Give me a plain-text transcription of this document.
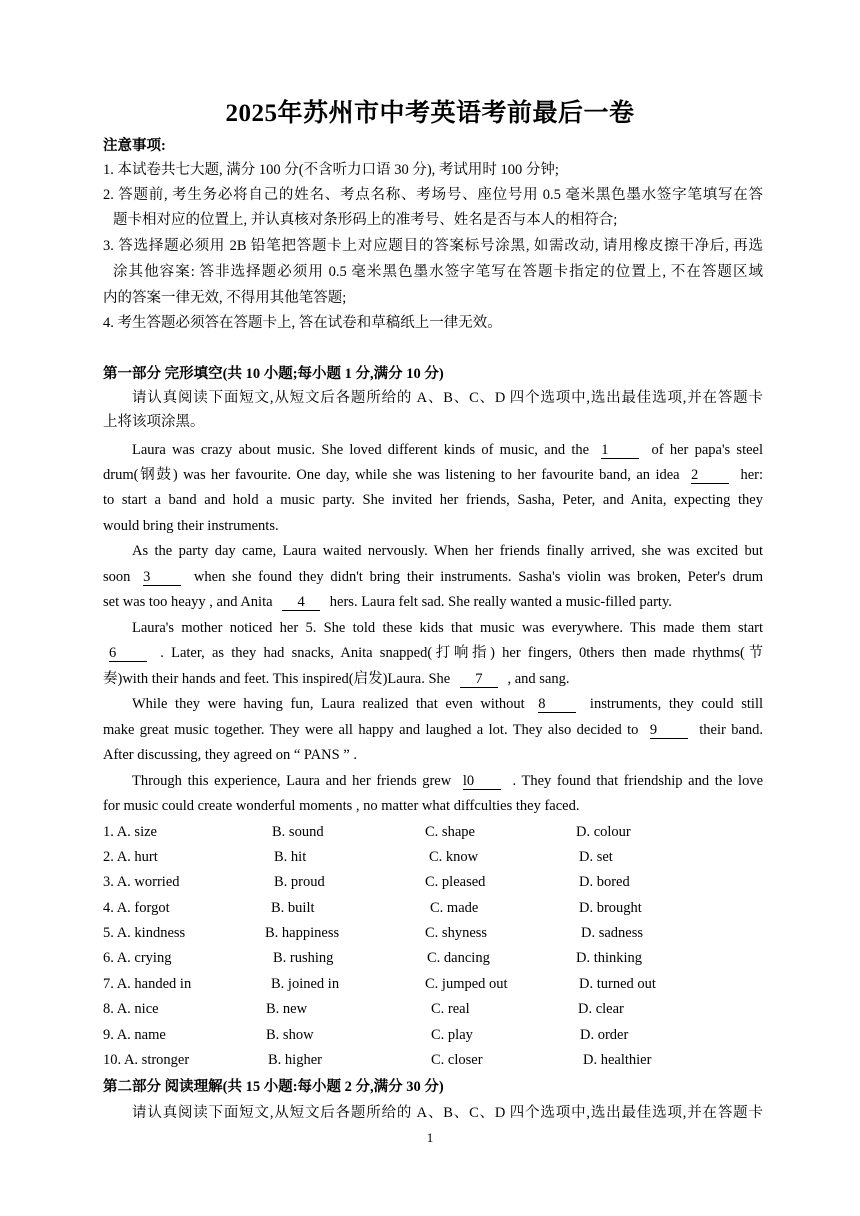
2025年苏州市中考英语考前最后一卷
注意事项:
1. 本试卷共七大题, 满分 100 分(不含听力口语 30 分), 考试用时 100 分钟;
2. 答题前, 考生务必将自己的姓名、考点名称、考场号、座位号用 0.5 毫米黑色墨水签字笔填写在答
题卡相对应的位置上, 并认真核对条形码上的准考号、姓名是否与本人的相符合;
3. 答选择题必须用 2B 铅笔把答题卡上对应题目的答案标号涂黑, 如需改动, 请用橡皮擦干净后, 再选
涂其他容案: 答非选择题必须用 0.5 毫米黑色墨水签字笔写在答题卡指定的位置上, 不在答题区域
内的答案一律无效, 不得用其他笔答题;
4. 考生答题必须答在答题卡上, 答在试卷和草稿纸上一律无效。
第一部分 完形填空(共 10 小题;每小题 1 分,满分 10 分)
请认真阅读下面短文,从短文后各题所给的 A、B、C、D 四个选项中,选出最佳选项,并在答题卡
上将该项涂黑。
Laura was crazy about music. She loved different kinds of music, and the 1	of her papa's steel
drum(钢鼓) was her favourite. One day, while she was listening to her favourite band, an idea 2	her:
to start a band and hold a music party. She invited her friends, Sasha, Peter, and Anita, expecting they
would bring their instruments.
As the party day came, Laura waited nervously. When her friends finally arrived, she was excited but
soon 3	when she found they didn't bring their instruments. Sasha's violin was broken, Peter's drum
set was too heayy , and Anita 4 hers. Laura felt sad. She really wanted a music-filled party.
Laura's mother noticed her 5. She told these kids that music was everywhere. This made them start
6	. Later, as they had snacks, Anita snapped(打响指) her fingers, 0thers then made rhythms(节
奏)with their hands and feet. This inspired(启发)Laura. She 7 , and sang.
While they were having fun, Laura realized that even without 8	instruments, they could still
make great music together. They were all happy and laughed a lot. They also decided to 9	their band.
After discussing, they agreed on “ PANS ” .
Through this experience, Laura and her friends grew l0	. They found that friendship and the love
for music could create wonderful moments , no matter what diffculties they faced.
1. A. size	B. sound	C. shape	D. colour
2. A. hurt	B. hit	C. know	D. set
3. A. worried	B. proud	C. pleased	D. bored
4. A. forgot	B. built	C. made	D. brought
5. A. kindness	B. happiness	C. shyness	D. sadness
6. A. crying	B. rushing	C. dancing	D. thinking
7. A. handed in	B. joined in	C. jumped out	D. turned out
8. A. nice	B. new	C. real	D. clear
9. A. name	B. show	C. play	D. order
10. A. stronger	B. higher	C. closer	D. healthier
第二部分 阅读理解(共 15 小题:每小题 2 分,满分 30 分)
请认真阅读下面短文,从短文后各题所给的 A、B、C、D 四个选项中,选出最佳选项,并在答题卡
1
